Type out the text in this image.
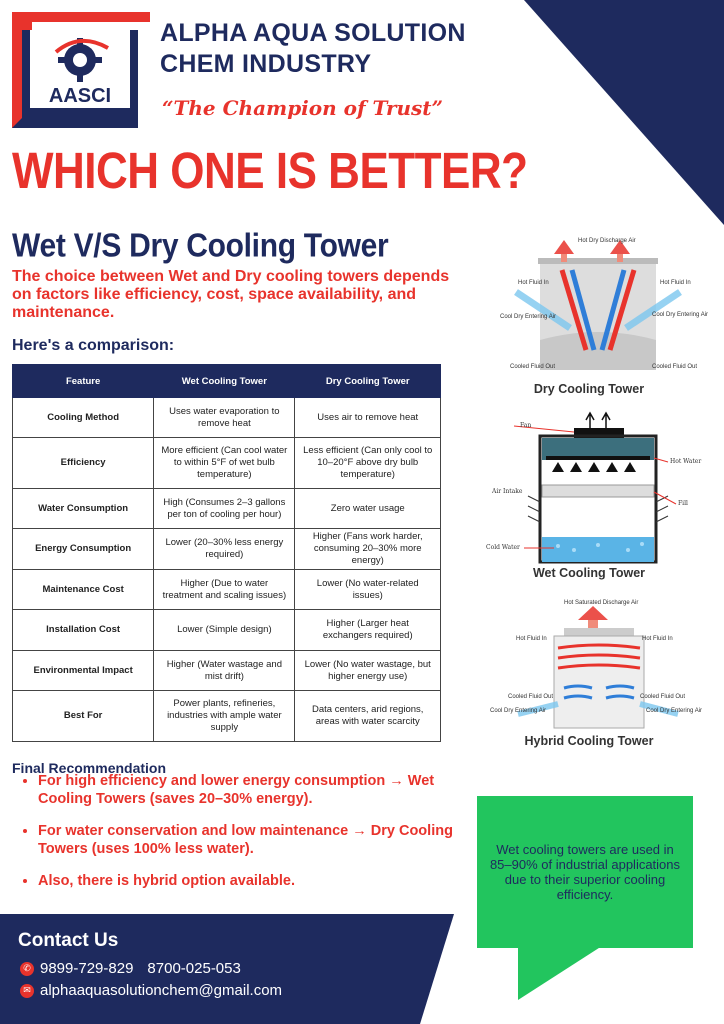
AASCI
ALPHA AQUA SOLUTION
CHEM INDUSTRY
“The Champion of Trust”
WHICH ONE IS BETTER?
Wet V/S Dry Cooling Tower
The choice between Wet and Dry cooling towers depends on factors like efficiency, cost, space availability, and maintenance.
Here's a comparison:
Feature	Wet Cooling Tower	Dry Cooling Tower
Cooling Method	Uses water evaporation to remove heat	Uses air to remove heat
Efficiency	More efficient (Can cool water to within 5°F of wet bulb temperature)	Less efficient (Can only cool to 10–20°F above dry bulb temperature)
Water Consumption	High (Consumes 2–3 gallons per ton of cooling per hour)	Zero water usage
Energy Consumption	Lower (20–30% less energy required)	Higher (Fans work harder, consuming 20–30% more energy)
Maintenance Cost	Higher (Due to water treatment and scaling issues)	Lower (No water-related issues)
Installation Cost	Lower (Simple design)	Higher (Larger heat exchangers required)
Environmental Impact	Higher (Water wastage and mist drift)	Lower (No water wastage, but higher energy use)
Best For	Power plants, refineries, industries with ample water supply	Data centers, arid regions, areas with water scarcity
Hot Dry Discharge Air
Hot Fluid In	Hot Fluid In
Cool Dry Entering Air	Cool Dry Entering Air
Cooled Fluid Out	Cooled Fluid Out
Dry Cooling Tower
Fan
Hot Water
Air Intake
Fill
Cold Water
Wet Cooling Tower
Hot Saturated Discharge Air
Hot Fluid In	Hot Fluid In
Cooled Fluid Out	Cooled Fluid Out
Cool Dry Entering Air	Cool Dry Entering Air
Hybrid Cooling Tower
Final Recommendation
• For high efficiency and lower energy consumption → Wet Cooling Towers (saves 20–30% energy).
• For water conservation and low maintenance → Dry Cooling Towers (uses 100% less water).
• Also, there is hybrid option available.
Wet cooling towers are used in 85–90% of industrial applications due to their superior cooling efficiency.
Contact Us
✆ 9899-729-829 8700-025-053
✉ alphaaquasolutionchem@gmail.com
